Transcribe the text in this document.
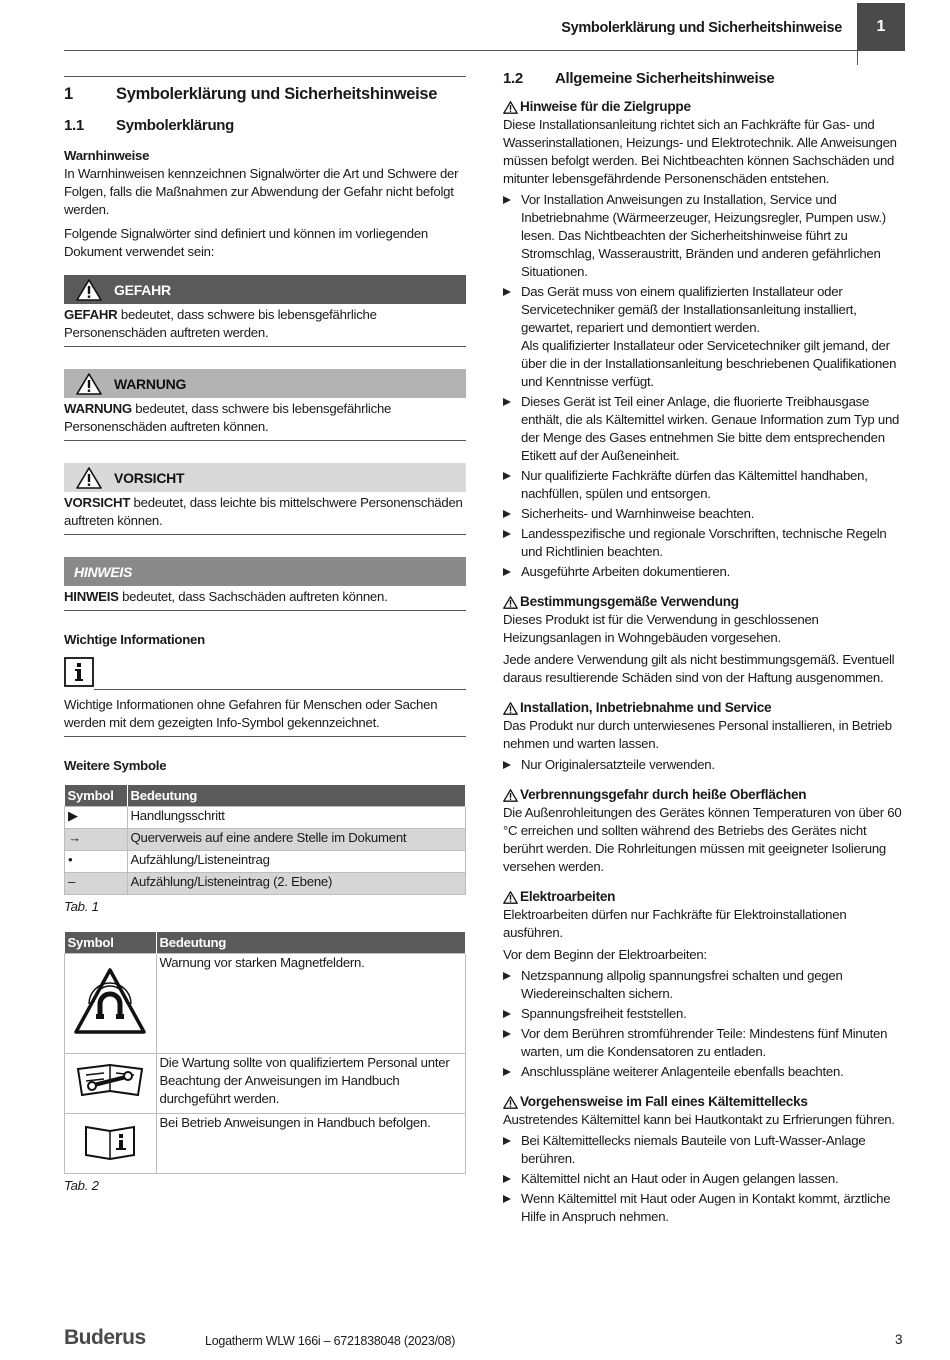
Symbolerklärung und Sicherheitshinweise	1
1	Symbolerklärung und Sicherheitshinweise
1.1	Symbolerklärung
Warnhinweise

In Warnhinweisen kennzeichnen Signalwörter die Art und Schwere der Folgen, falls die Maßnahmen zur Abwendung der Gefahr nicht befolgt werden.

Folgende Signalwörter sind definiert und können im vorliegenden Dokument verwendet sein:

GEFAHR
GEFAHR bedeutet, dass schwere bis lebensgefährliche Personenschäden auftreten werden.
WARNUNG
WARNUNG bedeutet, dass schwere bis lebensgefährliche Personenschäden auftreten können.
VORSICHT
VORSICHT bedeutet, dass leichte bis mittelschwere Personenschäden auftreten können.
HINWEIS
HINWEIS bedeutet, dass Sachschäden auftreten können.
Wichtige Informationen
Wichtige Informationen ohne Gefahren für Menschen oder Sachen werden mit dem gezeigten Info-Symbol gekennzeichnet.
Weitere Symbole
Symbol	Bedeutung
▶	Handlungsschritt
→	Querverweis auf eine andere Stelle im Dokument
•	Aufzählung/Listeneintrag
–	Aufzählung/Listeneintrag (2. Ebene)
Tab. 1
Symbol	Bedeutung
	Warnung vor starken Magnetfeldern.
	Die Wartung sollte von qualifiziertem Personal unter Beachtung der Anweisungen im Handbuch durchgeführt werden.
	Bei Betrieb Anweisungen in Handbuch befolgen.
Tab. 2
1.2	Allgemeine Sicherheitshinweise
Hinweise für die Zielgruppe

Diese Installationsanleitung richtet sich an Fachkräfte für Gas- und Wasserinstallationen, Heizungs- und Elektrotechnik. Alle Anweisungen müssen befolgt werden. Bei Nichtbeachten können Sachschäden und mitunter lebensgefährdende Personenschäden entstehen.

Vor Installation Anweisungen zu Installation, Service und Inbetriebnahme (Wärmeerzeuger, Heizungsregler, Pumpen usw.) lesen. Das Nichtbeachten der Sicherheitshinweise führt zu Stromschlag, Wasseraustritt, Bränden und anderen gefährlichen Situationen.
Das Gerät muss von einem qualifizierten Installateur oder Servicetechniker gemäß der Installationsanleitung installiert, gewartet, repariert und demontiert werden.
Als qualifizierter Installateur oder Servicetechniker gilt jemand, der über die in der Installationsanleitung beschriebenen Qualifikationen und Kenntnisse verfügt.
Dieses Gerät ist Teil einer Anlage, die fluorierte Treibhausgase enthält, die als Kältemittel wirken. Genaue Information zum Typ und der Menge des Gases entnehmen Sie bitte dem entsprechenden Etikett auf der Außeneinheit.
Nur qualifizierte Fachkräfte dürfen das Kältemittel handhaben, nachfüllen, spülen und entsorgen.
Sicherheits- und Warnhinweise beachten.
Landesspezifische und regionale Vorschriften, technische Regeln und Richtlinien beachten.
Ausgeführte Arbeiten dokumentieren.
Bestimmungsgemäße Verwendung

Dieses Produkt ist für die Verwendung in geschlossenen Heizungsanlagen in Wohngebäuden vorgesehen.

Jede andere Verwendung gilt als nicht bestimmungsgemäß. Eventuell daraus resultierende Schäden sind von der Haftung ausgenommen.

Installation, Inbetriebnahme und Service

Das Produkt nur durch unterwiesenes Personal installieren, in Betrieb nehmen und warten lassen.

Nur Originalersatzteile verwenden.
Verbrennungsgefahr durch heiße Oberflächen

Die Außenrohleitungen des Gerätes können Temperaturen von über 60 °C erreichen und sollten während des Betriebs des Gerätes nicht berührt werden. Die Rohrleitungen müssen mit geeigneter Isolierung versehen werden.

Elektroarbeiten

Elektroarbeiten dürfen nur Fachkräfte für Elektroinstallationen ausführen.

Vor dem Beginn der Elektroarbeiten:

Netzspannung allpolig spannungsfrei schalten und gegen Wiedereinschalten sichern.
Spannungsfreiheit feststellen.
Vor dem Berühren stromführender Teile: Mindestens fünf Minuten warten, um die Kondensatoren zu entladen.
Anschlusspläne weiterer Anlagenteile ebenfalls beachten.
Vorgehensweise im Fall eines Kältemittellecks

Austretendes Kältemittel kann bei Hautkontakt zu Erfrierungen führen.

Bei Kältemittellecks niemals Bauteile von Luft-Wasser-Anlage berühren.
Kältemittel nicht an Haut oder in Augen gelangen lassen.
Wenn Kältemittel mit Haut oder Augen in Kontakt kommt, ärztliche Hilfe in Anspruch nehmen.
Buderus	Logatherm WLW 166i – 6721838048 (2023/08)	3
